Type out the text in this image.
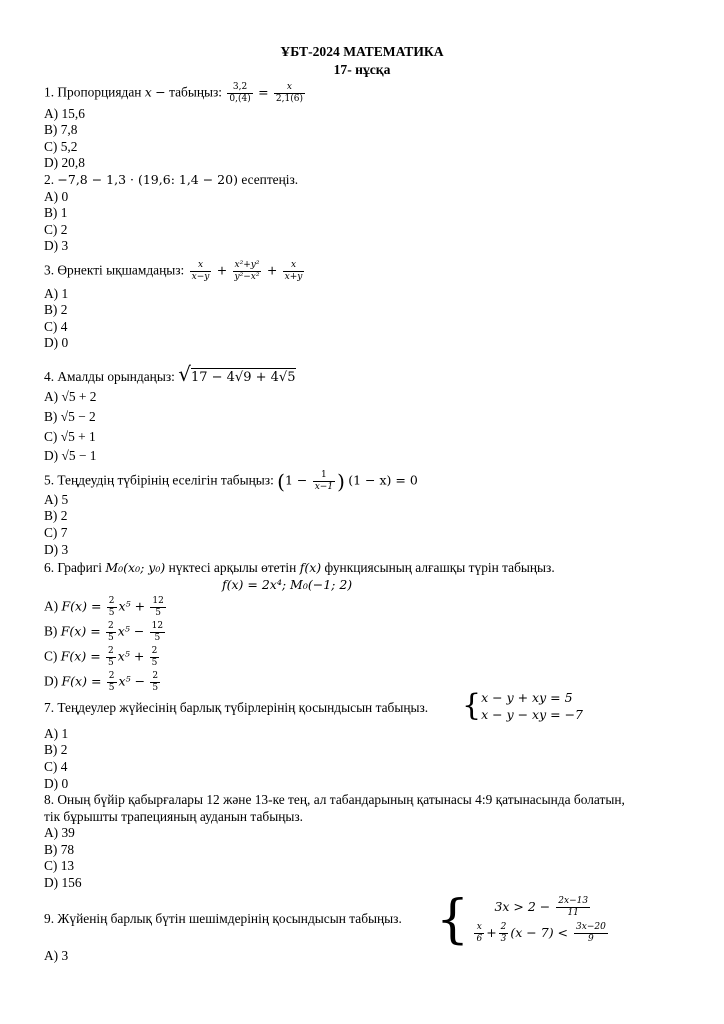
ҰБТ-2024 МАТЕМАТИКА
17- нұсқа
1. Пропорциядан x − табыңыз: $\frac{3,2}{0,(4)} = \frac{x}{2,1(6)}$
A) 15,6
B) 7,8
C) 5,2
D) 20,8
2. −7,8 − 1,3 · (19,6: 1,4 − 20) есептеңіз.
A) 0
B) 1
C) 2
D) 3
3. Өрнекті ықшамдаңыз: $\frac{x}{x-y} + \frac{\text{x²+y²}}{\text{y²−x²}} + \frac{x}{x+y}$
A) 1
B) 2
C) 4
D) 0
4. Амалды орындаңыз: √17 − 4√9 + 4√5
A) √5 + 2
B) √5 − 2
C) √5 + 1
D) √5 − 1
5. Теңдеудің түбірінің еселігін табыңыз: ($1 - \frac{1}{x-1}$ ) (1 − x) = 0
A) 5
B) 2
C) 7
D) 3
6. Графигі M₀(x₀; y₀) нүктесі арқылы өтетін f(x) функциясының алғашқы түрін табыңыз.
f(x) = 2x⁴; M₀(−1; 2)
A) $F(x) = \frac{2}{5} x^5 + \frac{12}{5}$
B) $F(x) = \frac{2}{5} x^5 - \frac{12}{5}$
C) $F(x) = \frac{2}{5} x^5 + \frac{2}{5}$
D) $F(x) = \frac{2}{5} x^5 - \frac{2}{5}$
7. Теңдеулер жүйесінің барлық түбірлерінің қосындысын табыңыз. { x − y + xy = 5
x − y − xy = −7
A) 1
B) 2
C) 4
D) 0
8. Оның бүйір қабырғалары 12 және 13-ке тең, ал табандарының қатынасы 4:9 қатынасында болатын,
тік бұрышты трапецияның ауданын табыңыз.
A) 39
B) 78
C) 13
D) 156
9. Жүйенің барлық бүтін шешімдерінің қосындысын табыңыз. {	$3x > 2 - \frac{2x-13}{11}$
$\frac{x}{6} + \frac{2}{3} (x - 7) < \frac{3x-20}{9}$
A) 3
